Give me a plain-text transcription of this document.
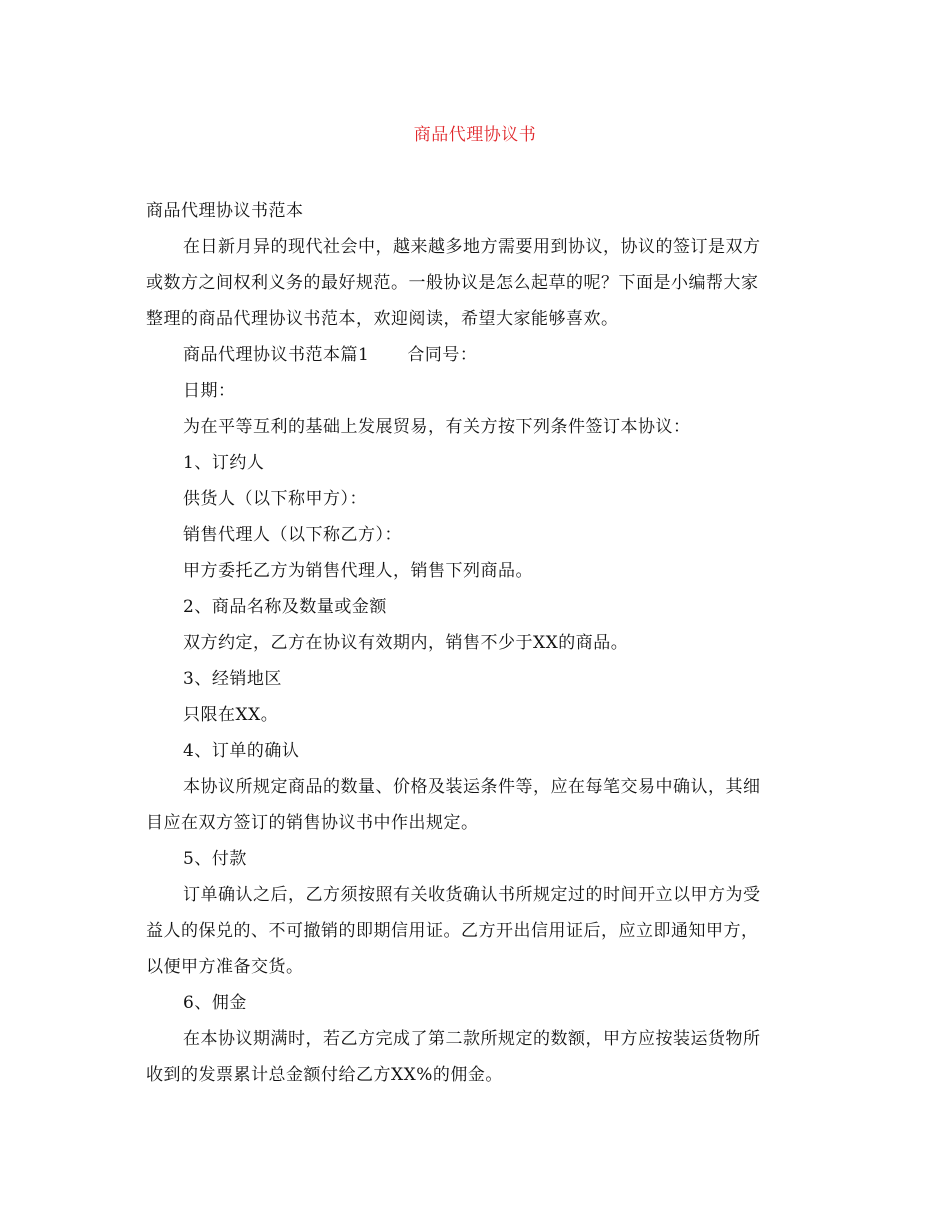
商品代理协议书

商品代理协议书范本

在日新月异的现代社会中，越来越多地方需要用到协议，协议的签订是双方

或数方之间权利义务的最好规范。一般协议是怎么起草的呢？下面是小编帮大家

整理的商品代理协议书范本，欢迎阅读，希望大家能够喜欢。

商品代理协议书范本篇1 合同号：

日期：

为在平等互利的基础上发展贸易，有关方按下列条件签订本协议：

1、订约人

供货人（以下称甲方）：

销售代理人（以下称乙方）：

甲方委托乙方为销售代理人，销售下列商品。

2、商品名称及数量或金额

双方约定，乙方在协议有效期内，销售不少于XX的商品。

3、经销地区

只限在XX。

4、订单的确认

本协议所规定商品的数量、价格及装运条件等，应在每笔交易中确认，其细

目应在双方签订的销售协议书中作出规定。

5、付款

订单确认之后，乙方须按照有关收货确认书所规定过的时间开立以甲方为受

益人的保兑的、不可撤销的即期信用证。乙方开出信用证后，应立即通知甲方，

以便甲方准备交货。

6、佣金

在本协议期满时，若乙方完成了第二款所规定的数额，甲方应按装运货物所

收到的发票累计总金额付给乙方XX%的佣金。
